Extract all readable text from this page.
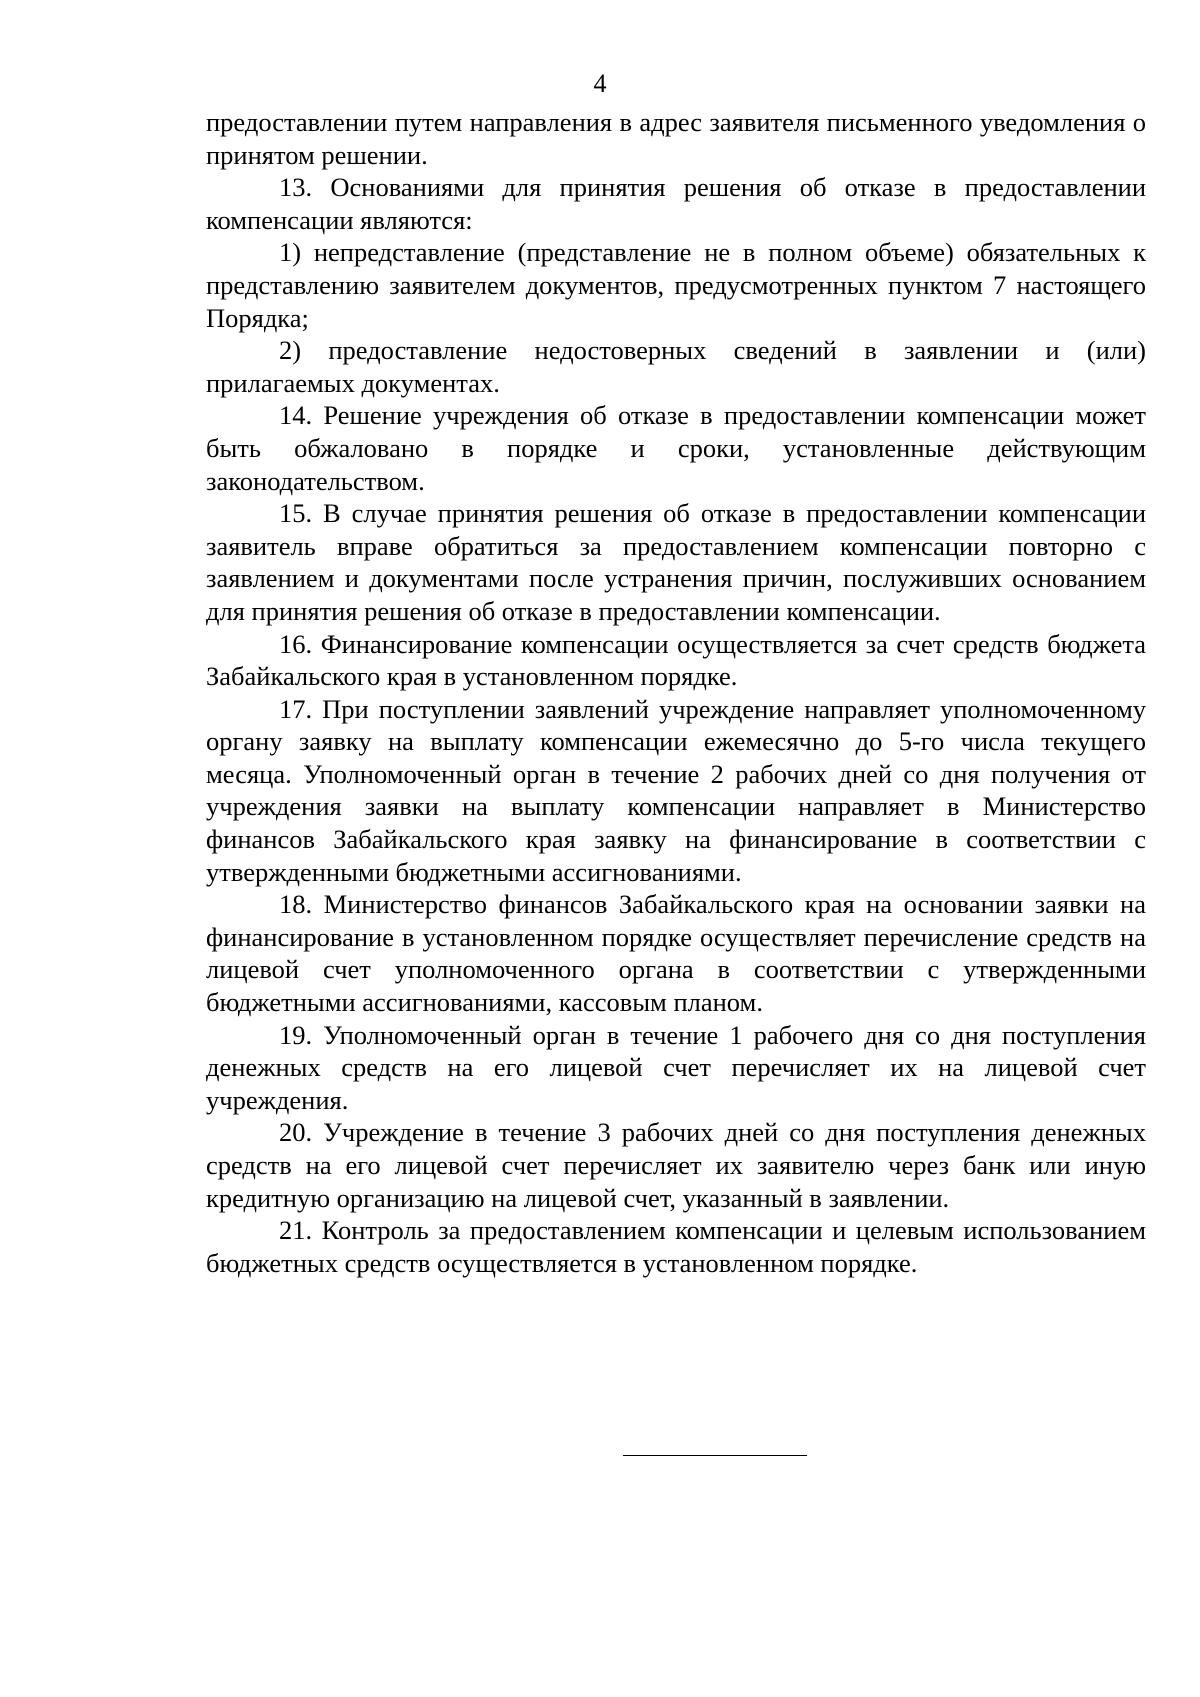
4

предоставлении путем направления в адрес заявителя письменного уведомления о принятом решении.

13. Основаниями для принятия решения об отказе в предоставлении компенсации являются:

1) непредставление (представление не в полном объеме) обязательных к представлению заявителем документов, предусмотренных пунктом 7 настоящего Порядка;

2) предоставление недостоверных сведений в заявлении и (или) прилагаемых документах.

14. Решение учреждения об отказе в предоставлении компенсации может быть обжаловано в порядке и сроки, установленные действующим законодательством.

15. В случае принятия решения об отказе в предоставлении компенсации заявитель вправе обратиться за предоставлением компенсации повторно с заявлением и документами после устранения причин, послуживших основанием для принятия решения об отказе в предоставлении компенсации.

16. Финансирование компенсации осуществляется за счет средств бюджета Забайкальского края в установленном порядке.

17. При поступлении заявлений учреждение направляет уполномоченному органу заявку на выплату компенсации ежемесячно до 5-го числа текущего месяца. Уполномоченный орган в течение 2 рабочих дней со дня получения от учреждения заявки на выплату компенсации направляет в Министерство финансов Забайкальского края заявку на финансирование в соответствии с утвержденными бюджетными ассигнованиями.

18. Министерство финансов Забайкальского края на основании заявки на финансирование в установленном порядке осуществляет перечисление средств на лицевой счет уполномоченного органа в соответствии с утвержденными бюджетными ассигнованиями, кассовым планом.

19. Уполномоченный орган в течение 1 рабочего дня со дня поступления денежных средств на его лицевой счет перечисляет их на лицевой счет учреждения.

20. Учреждение в течение 3 рабочих дней со дня поступления денежных средств на его лицевой счет перечисляет их заявителю через банк или иную кредитную организацию на лицевой счет, указанный в заявлении.

21. Контроль за предоставлением компенсации и целевым использованием бюджетных средств осуществляется в установленном порядке.
